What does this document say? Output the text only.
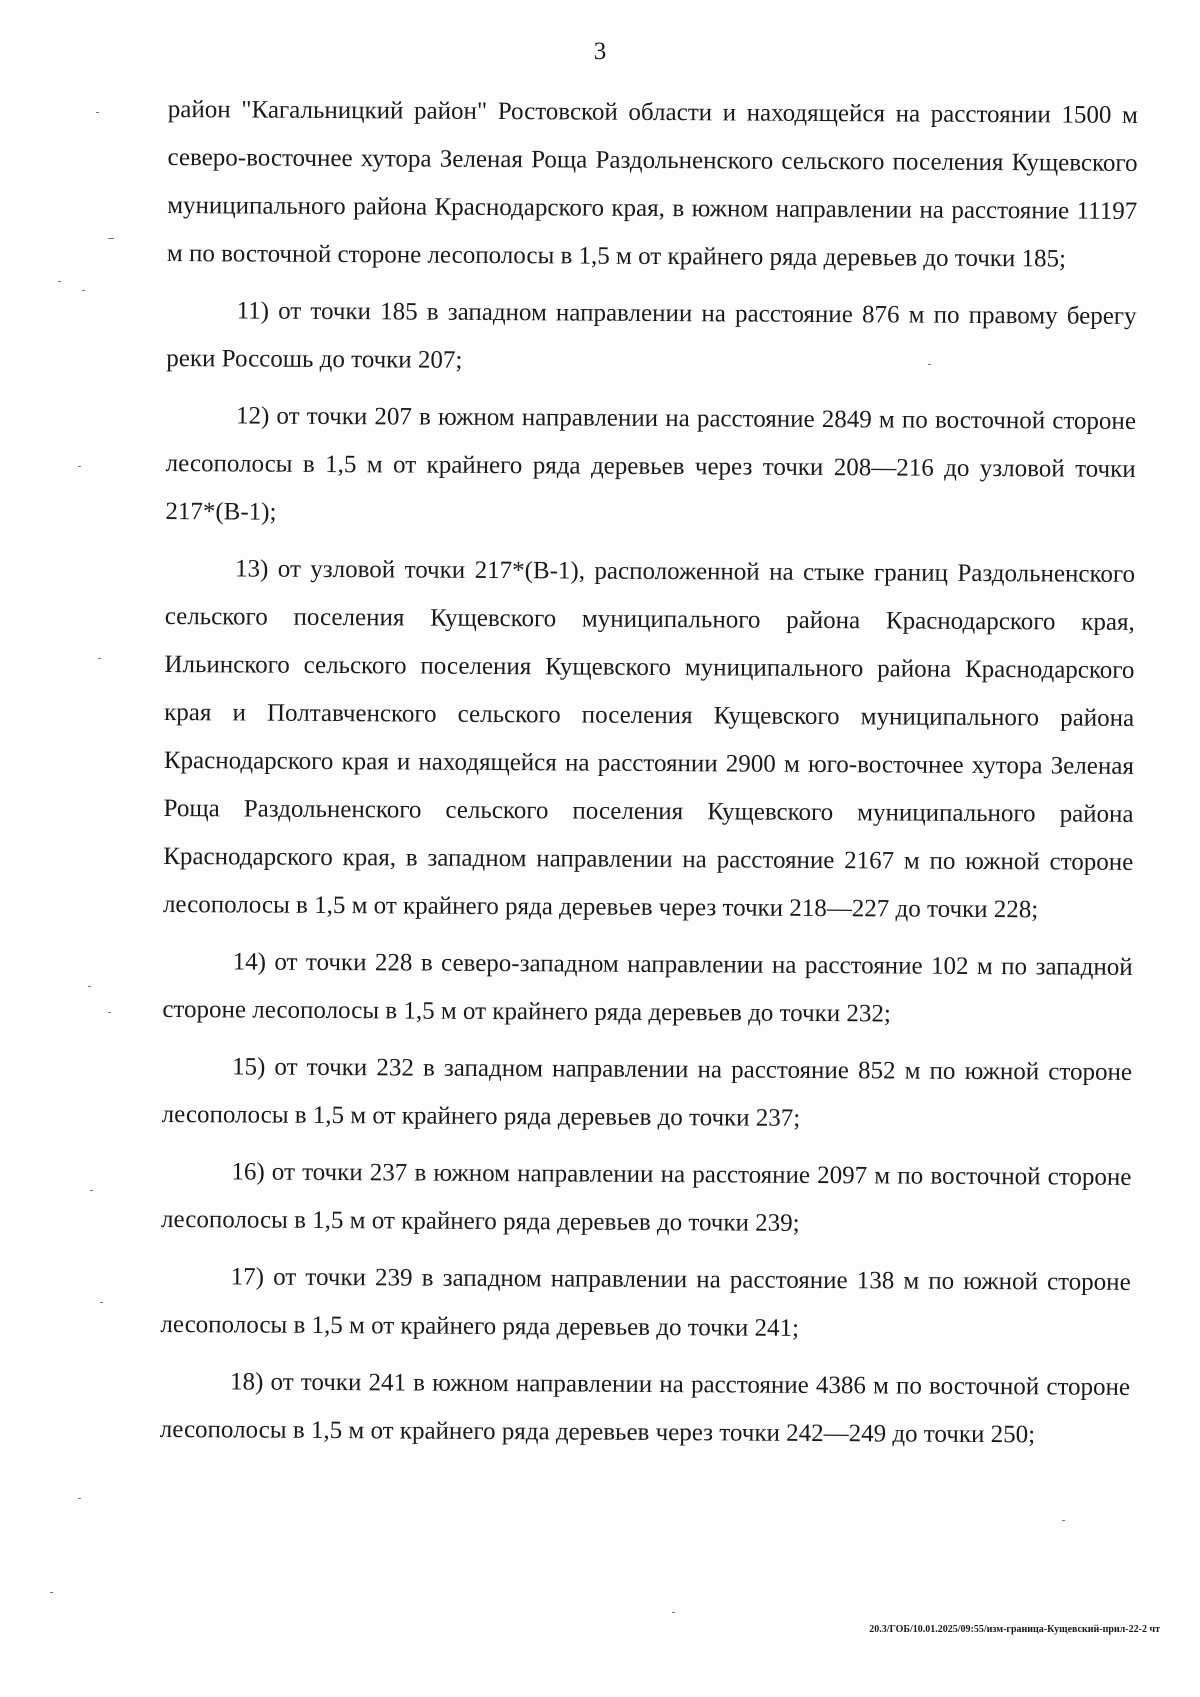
3

район "Кагальницкий район" Ростовской области и находящейся на расстоянии 1500 м северо-восточнее хутора Зеленая Роща Раздольненского сельского поселения Кущевского муниципального района Краснодарского края, в южном направлении на расстояние 11197 м по восточной стороне лесополосы в 1,5 м от крайнего ряда деревьев до точки 185;

11) от точки 185 в западном направлении на расстояние 876 м по правому берегу реки Россошь до точки 207;

12) от точки 207 в южном направлении на расстояние 2849 м по восточной стороне лесополосы в 1,5 м от крайнего ряда деревьев через точки 208—216 до узловой точки 217*(В-1);

13) от узловой точки 217*(В-1), расположенной на стыке границ Раздольненского сельского поселения Кущевского муниципального района Краснодарского края, Ильинского сельского поселения Кущевского муниципального района Краснодарского края и Полтавченского сельского поселения Кущевского муниципального района Краснодарского края и находящейся на расстоянии 2900 м юго-восточнее хутора Зеленая Роща Раздольненского сельского поселения Кущевского муниципального района Краснодарского края, в западном направлении на расстояние 2167 м по южной стороне лесополосы в 1,5 м от крайнего ряда деревьев через точки 218—227 до точки 228;

14) от точки 228 в северо-западном направлении на расстояние 102 м по западной стороне лесополосы в 1,5 м от крайнего ряда деревьев до точки 232;

15) от точки 232 в западном направлении на расстояние 852 м по южной стороне лесополосы в 1,5 м от крайнего ряда деревьев до точки 237;

16) от точки 237 в южном направлении на расстояние 2097 м по восточной стороне лесополосы в 1,5 м от крайнего ряда деревьев до точки 239;

17) от точки 239 в западном направлении на расстояние 138 м по южной стороне лесополосы в 1,5 м от крайнего ряда деревьев до точки 241;

18) от точки 241 в южном направлении на расстояние 4386 м по восточной стороне лесополосы в 1,5 м от крайнего ряда деревьев через точки 242—249 до точки 250;

20.3/ГОБ/10.01.2025/09:55/изм-граница-Кущевский-прил-22-2 чт
